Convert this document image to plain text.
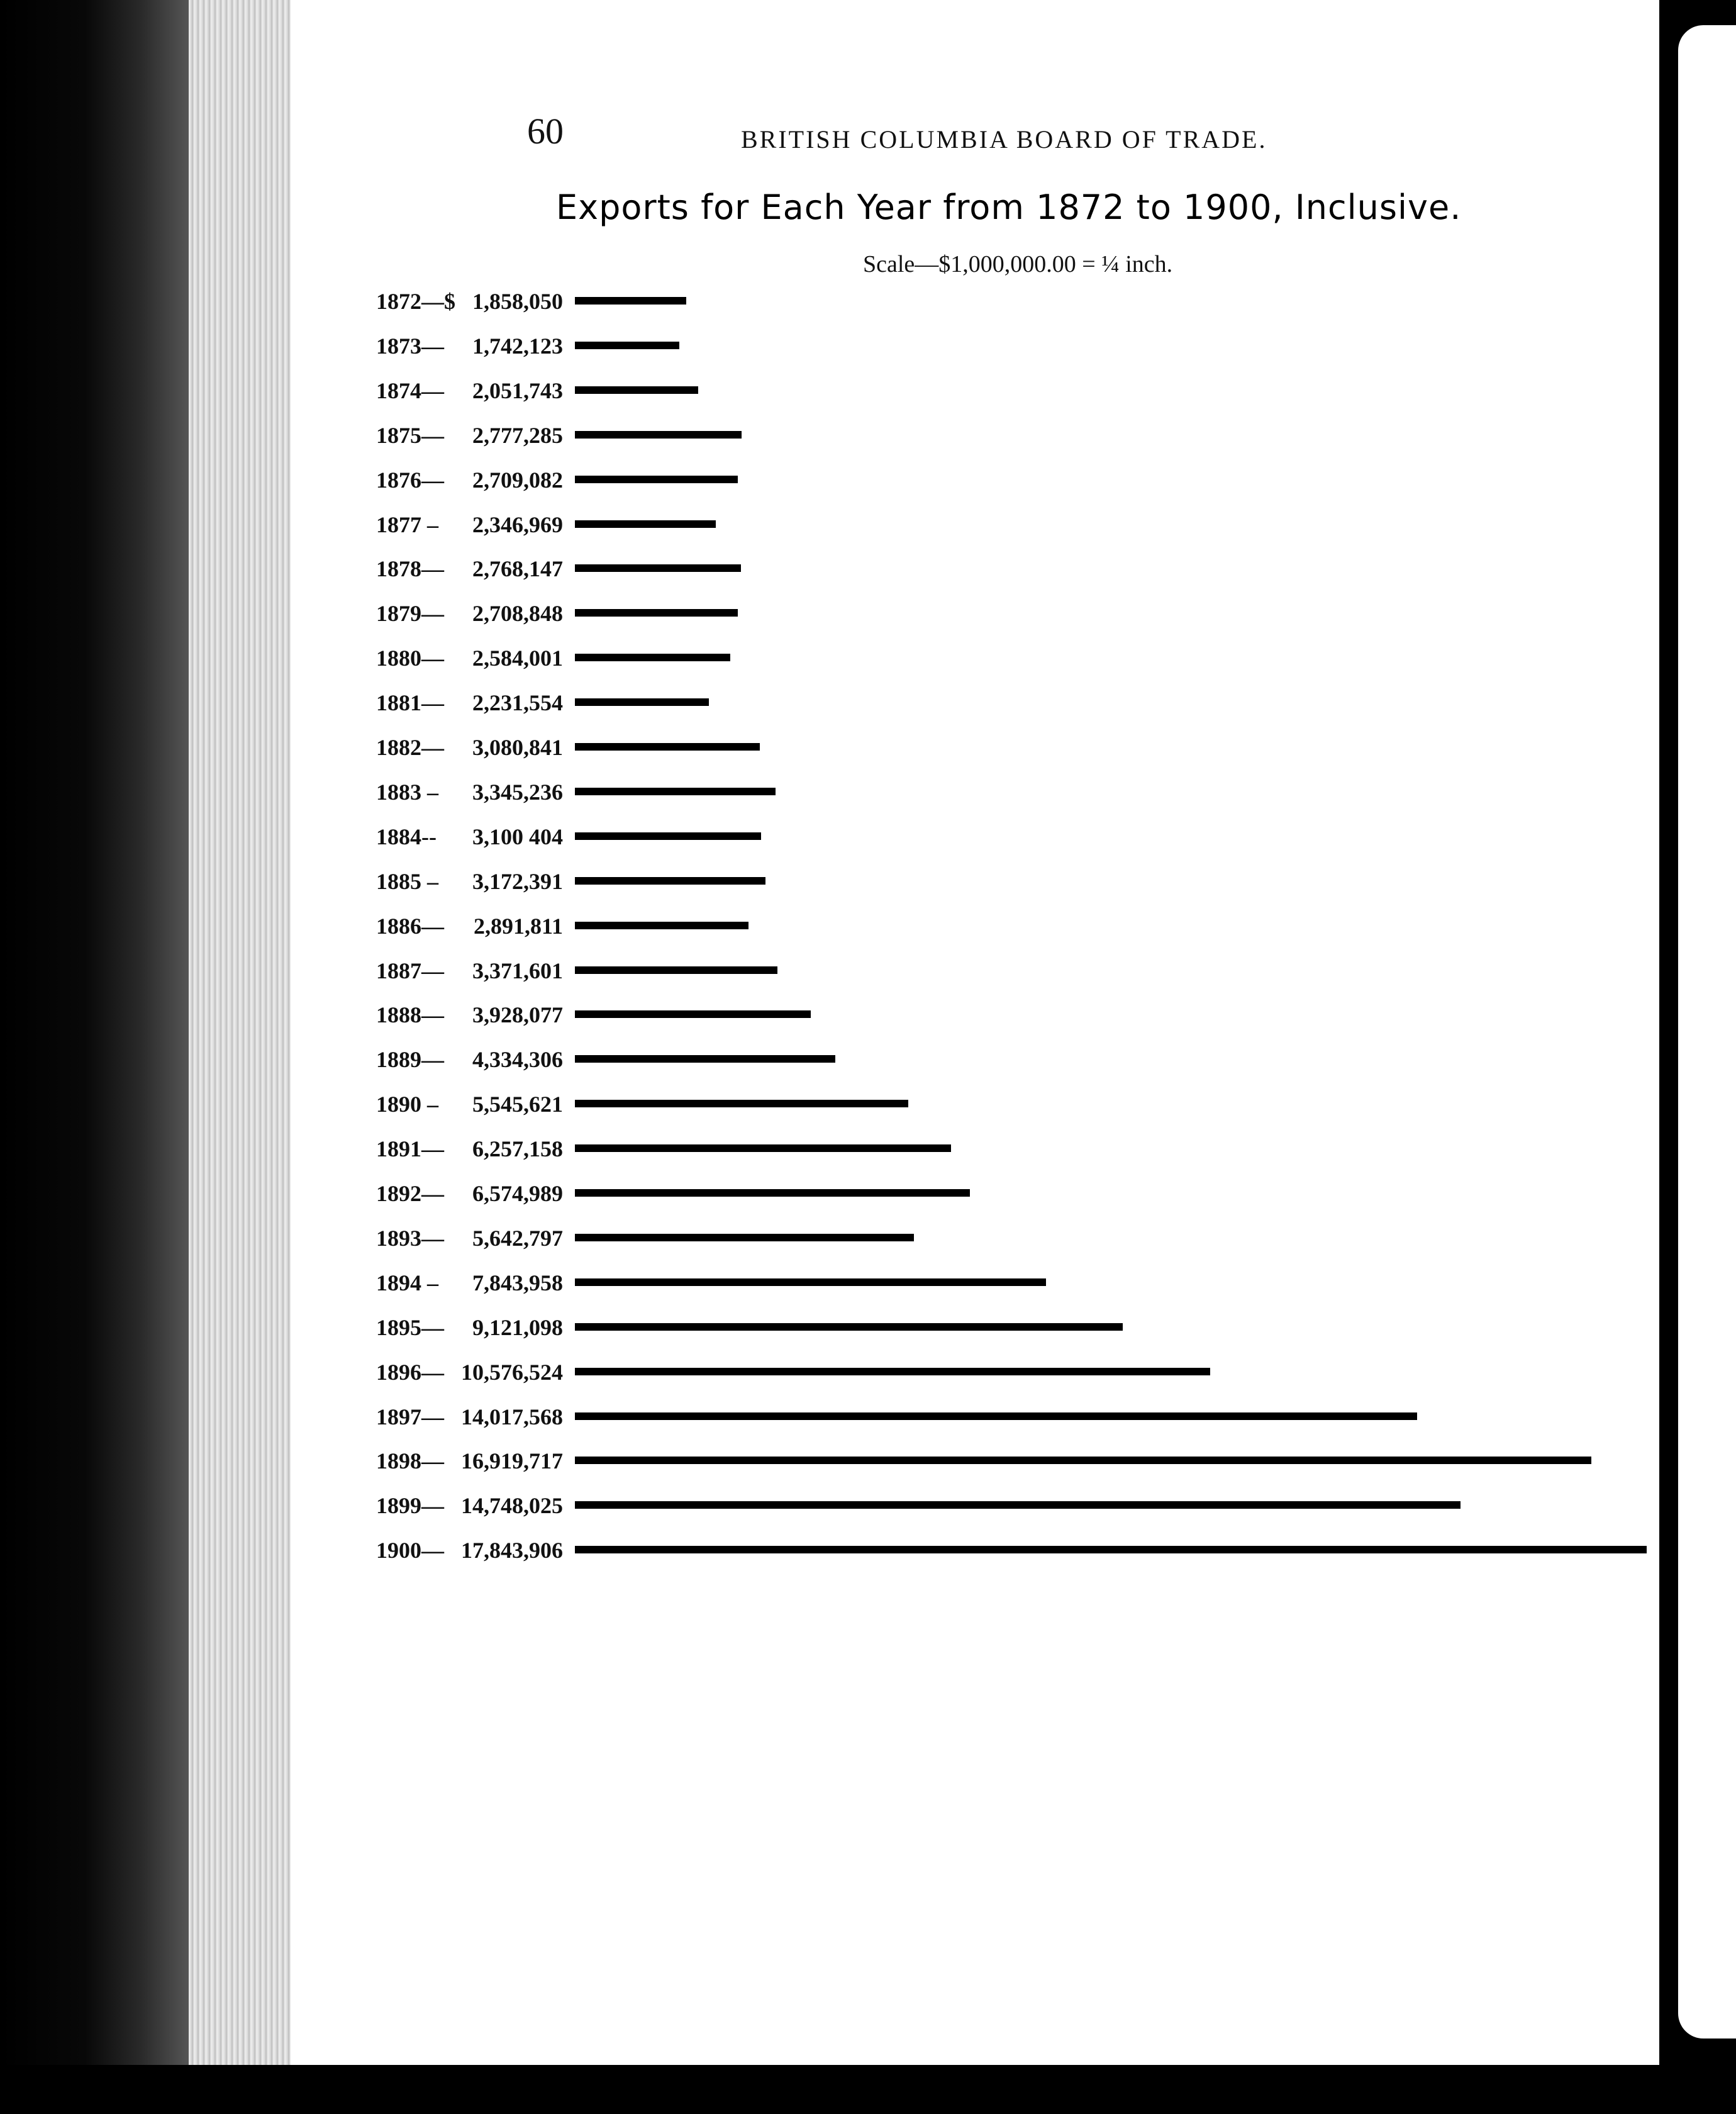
60	BRITISH COLUMBIA BOARD OF TRADE.
Exports for Each Year from 1872 to 1900, Inclusive.
Scale—$1,000,000.00 = ¼ inch.
1872—$ 1,858,050
1873— 1,742,123
1874— 2,051,743
1875— 2,777,285
1876— 2,709,082
1877 – 2,346,969
1878— 2,768,147
1879— 2,708,848
1880— 2,584,001
1881— 2,231,554
1882— 3,080,841
1883 – 3,345,236
1884-- 3,100 404
1885 – 3,172,391
1886— 2,891,811
1887— 3,371,601
1888— 3,928,077
1889— 4,334,306
1890 – 5,545,621
1891— 6,257,158
1892— 6,574,989
1893— 5,642,797
1894 – 7,843,958
1895— 9,121,098
1896— 10,576,524
1897— 14,017,568
1898— 16,919,717
1899— 14,748,025
1900— 17,843,906
